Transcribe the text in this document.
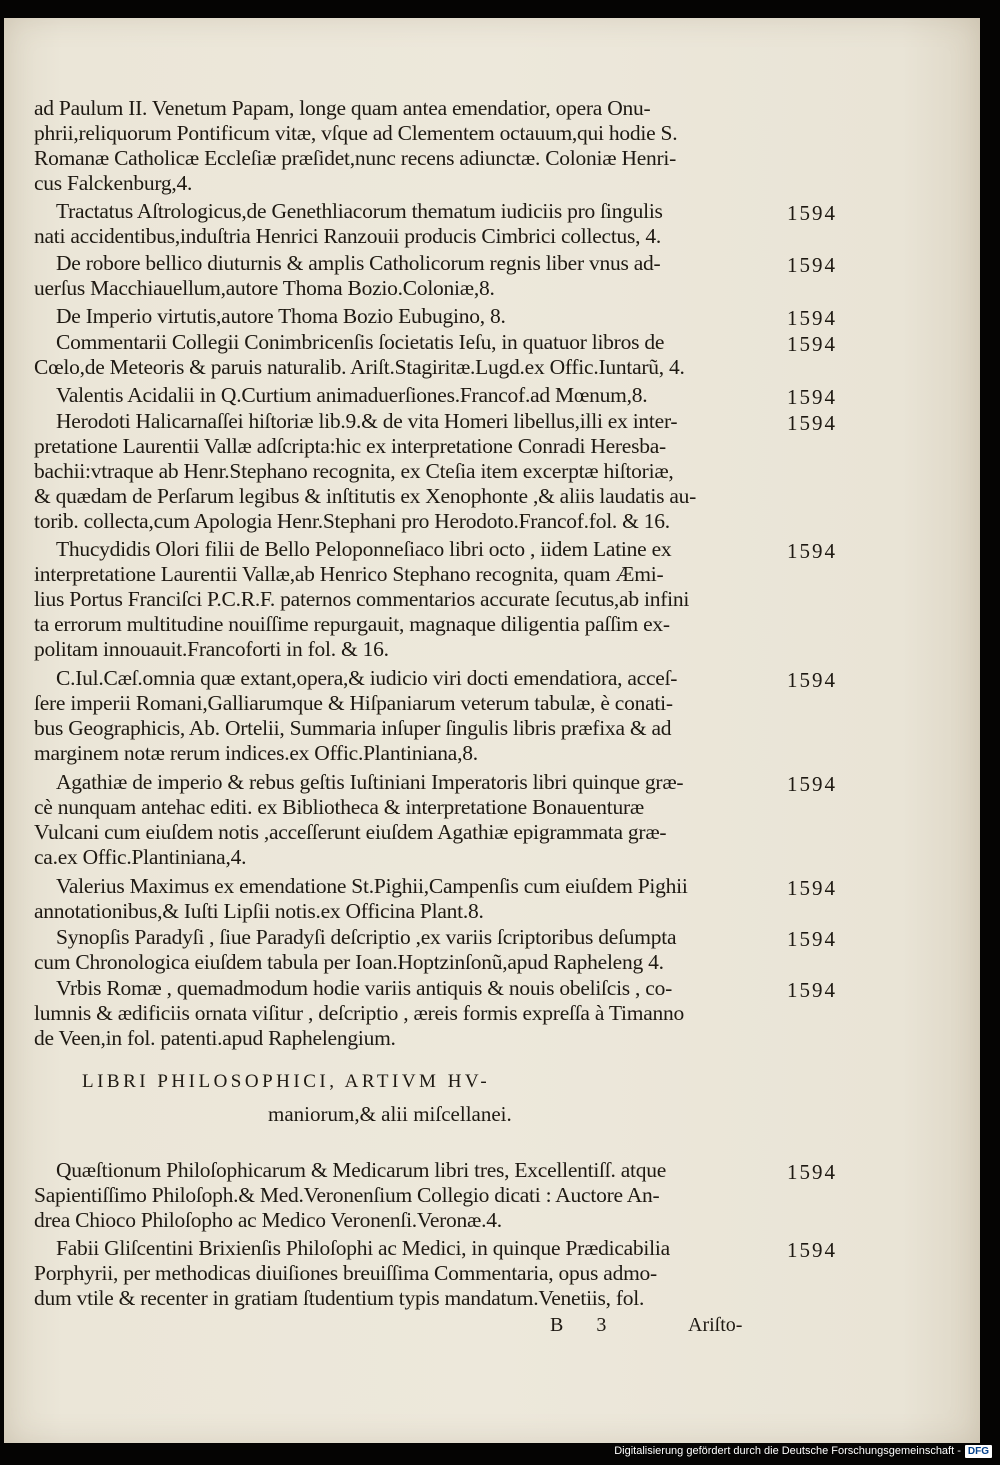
ad Paulum II. Venetum Papam, longe quam antea emendatior, opera Onu-
phrii,reliquorum Pontificum vitæ, vſque ad Clementem octauum,qui hodie S.
Romanæ Catholicæ Eccleſiæ præſidet,nunc recens adiunctæ. Coloniæ Henri-
cus Falckenburg,4.
Tractatus Aſtrologicus,de Genethliacorum thematum iudiciis pro ſingulis	1594
nati accidentibus,induſtria Henrici Ranzouii producis Cimbrici collectus, 4.
De robore bellico diuturnis & amplis Catholicorum regnis liber vnus ad-	1594
uerſus Macchiauellum,autore Thoma Bozio.Coloniæ,8.
De Imperio virtutis,autore Thoma Bozio Eubugino, 8.	1594
Commentarii Collegii Conimbricenſis ſocietatis Ieſu, in quatuor libros de	1594
Cœlo,de Meteoris & paruis naturalib. Ariſt.Stagiritæ.Lugd.ex Offic.Iuntarũ, 4.
Valentis Acidalii in Q.Curtium animaduerſiones.Francof.ad Mœnum,8.	1594
Herodoti Halicarnaſſei hiſtoriæ lib.9.& de vita Homeri libellus,illi ex inter-	1594
pretatione Laurentii Vallæ adſcripta:hic ex interpretatione Conradi Heresba-
bachii:vtraque ab Henr.Stephano recognita, ex Cteſia item excerptæ hiſtoriæ,
& quædam de Perſarum legibus & inſtitutis ex Xenophonte ,& aliis laudatis au-
torib. collecta,cum Apologia Henr.Stephani pro Herodoto.Francof.fol. & 16.
Thucydidis Olori filii de Bello Peloponneſiaco libri octo , iidem Latine ex	1594
interpretatione Laurentii Vallæ,ab Henrico Stephano recognita, quam Æmi-
lius Portus Franciſci P.C.R.F. paternos commentarios accurate ſecutus,ab infini
ta errorum multitudine nouiſſime repurgauit, magnaque diligentia paſſim ex-
politam innouauit.Francoforti in fol. & 16.
C.Iul.Cæſ.omnia quæ extant,opera,& iudicio viri docti emendatiora, acceſ-	1594
ſere imperii Romani,Galliarumque & Hiſpaniarum veterum tabulæ, è conati-
bus Geographicis, Ab. Ortelii, Summaria inſuper ſingulis libris præfixa & ad
marginem notæ rerum indices.ex Offic.Plantiniana,8.
Agathiæ de imperio & rebus geſtis Iuſtiniani Imperatoris libri quinque græ-	1594
cè nunquam antehac editi. ex Bibliotheca & interpretatione Bonauenturæ
Vulcani cum eiuſdem notis ,acceſſerunt eiuſdem Agathiæ epigrammata græ-
ca.ex Offic.Plantiniana,4.
Valerius Maximus ex emendatione St.Pighii,Campenſis cum eiuſdem Pighii	1594
annotationibus,& Iuſti Lipſii notis.ex Officina Plant.8.
Synopſis Paradyſi , ſiue Paradyſi deſcriptio ,ex variis ſcriptoribus deſumpta	1594
cum Chronologica eiuſdem tabula per Ioan.Hoptzinſonũ,apud Rapheleng 4.
Vrbis Romæ , quemadmodum hodie variis antiquis & nouis obeliſcis , co-	1594
lumnis & ædificiis ornata viſitur , deſcriptio , æreis formis expreſſa à Timanno
de Veen,in fol. patenti.apud Raphelengium.
Quæſtionum Philoſophicarum & Medicarum libri tres, Excellentiſſ. atque	1594
Sapientiſſimo Philoſoph.& Med.Veronenſium Collegio dicati : Auctore An-
drea Chioco Philoſopho ac Medico Veronenſi.Veronæ.4.
Fabii Gliſcentini Brixienſis Philoſophi ac Medici, in quinque Prædicabilia	1594
Porphyrii, per methodicas diuiſiones breuiſſima Commentaria, opus admo-
dum vtile & recenter in gratiam ſtudentium typis mandatum.Venetiis, fol.
LIBRI PHILOSOPHICI, ARTIVM HV-
maniorum,& alii miſcellanei.
B 3	Ariſto-
Digitalisierung gefördert durch die Deutsche Forschungsgemeinschaft - DFG
